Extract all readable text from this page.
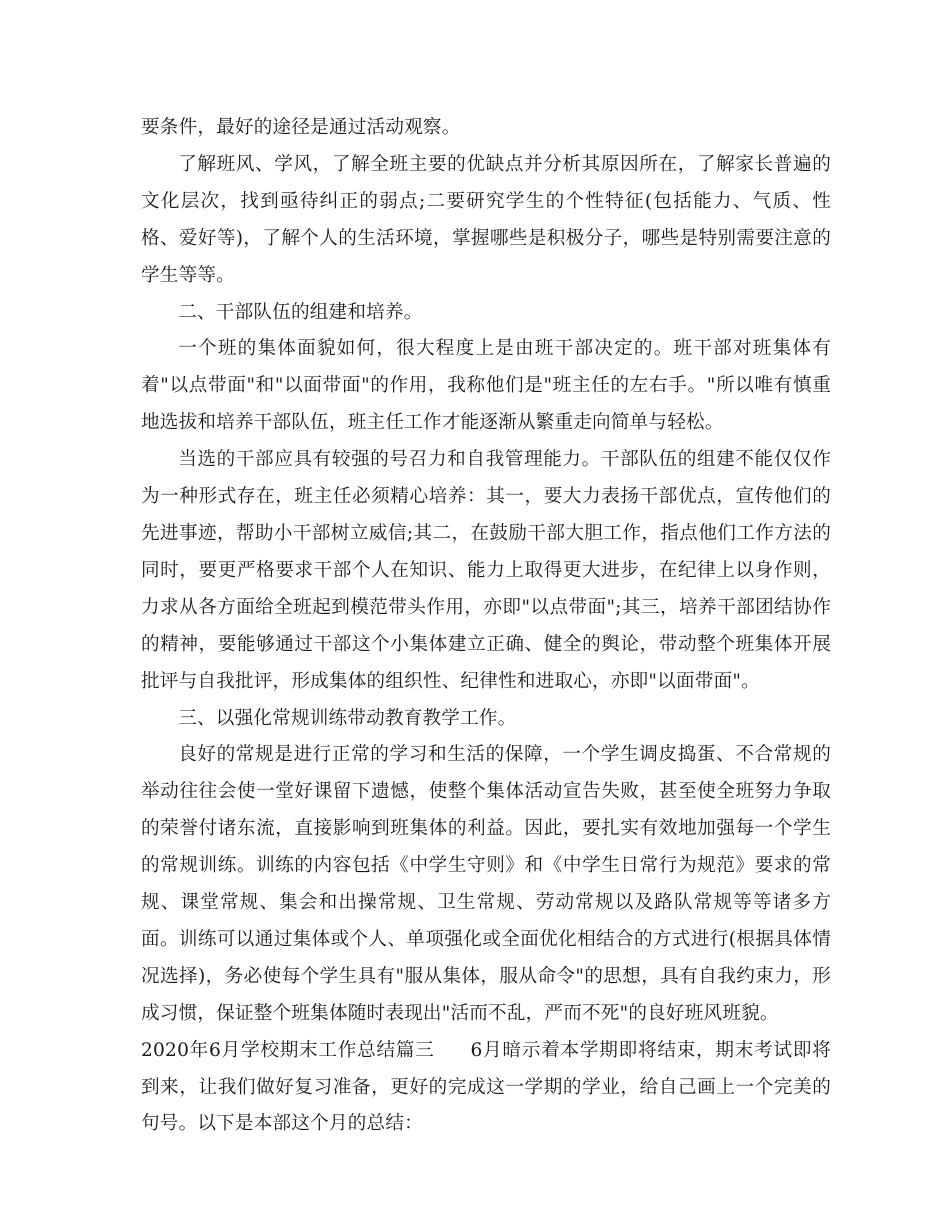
要条件，最好的途径是通过活动观察。

了解班风、学风，了解全班主要的优缺点并分析其原因所在，了解家长普遍的文化层次，找到亟待纠正的弱点;二要研究学生的个性特征(包括能力、气质、性格、爱好等)，了解个人的生活环境，掌握哪些是积极分子，哪些是特别需要注意的学生等等。

二、干部队伍的组建和培养。

一个班的集体面貌如何，很大程度上是由班干部决定的。班干部对班集体有着"以点带面"和"以面带面"的作用，我称他们是"班主任的左右手。"所以唯有慎重地选拔和培养干部队伍，班主任工作才能逐渐从繁重走向简单与轻松。

当选的干部应具有较强的号召力和自我管理能力。干部队伍的组建不能仅仅作为一种形式存在，班主任必须精心培养：其一，要大力表扬干部优点，宣传他们的先进事迹，帮助小干部树立威信;其二，在鼓励干部大胆工作，指点他们工作方法的同时，要更严格要求干部个人在知识、能力上取得更大进步，在纪律上以身作则，力求从各方面给全班起到模范带头作用，亦即"以点带面";其三，培养干部团结协作的精神，要能够通过干部这个小集体建立正确、健全的舆论，带动整个班集体开展批评与自我批评，形成集体的组织性、纪律性和进取心，亦即"以面带面"。

三、以强化常规训练带动教育教学工作。

良好的常规是进行正常的学习和生活的保障，一个学生调皮捣蛋、不合常规的举动往往会使一堂好课留下遗憾，使整个集体活动宣告失败，甚至使全班努力争取的荣誉付诸东流，直接影响到班集体的利益。因此，要扎实有效地加强每一个学生的常规训练。训练的内容包括《中学生守则》和《中学生日常行为规范》要求的常规、课堂常规、集会和出操常规、卫生常规、劳动常规以及路队常规等等诸多方面。训练可以通过集体或个人、单项强化或全面优化相结合的方式进行(根据具体情况选择)，务必使每个学生具有"服从集体，服从命令"的思想，具有自我约束力，形成习惯，保证整个班集体随时表现出"活而不乱，严而不死"的良好班风班貌。

2020年6月学校期末工作总结篇三 6月暗示着本学期即将结束，期末考试即将到来，让我们做好复习准备，更好的完成这一学期的学业，给自己画上一个完美的句号。以下是本部这个月的总结：
